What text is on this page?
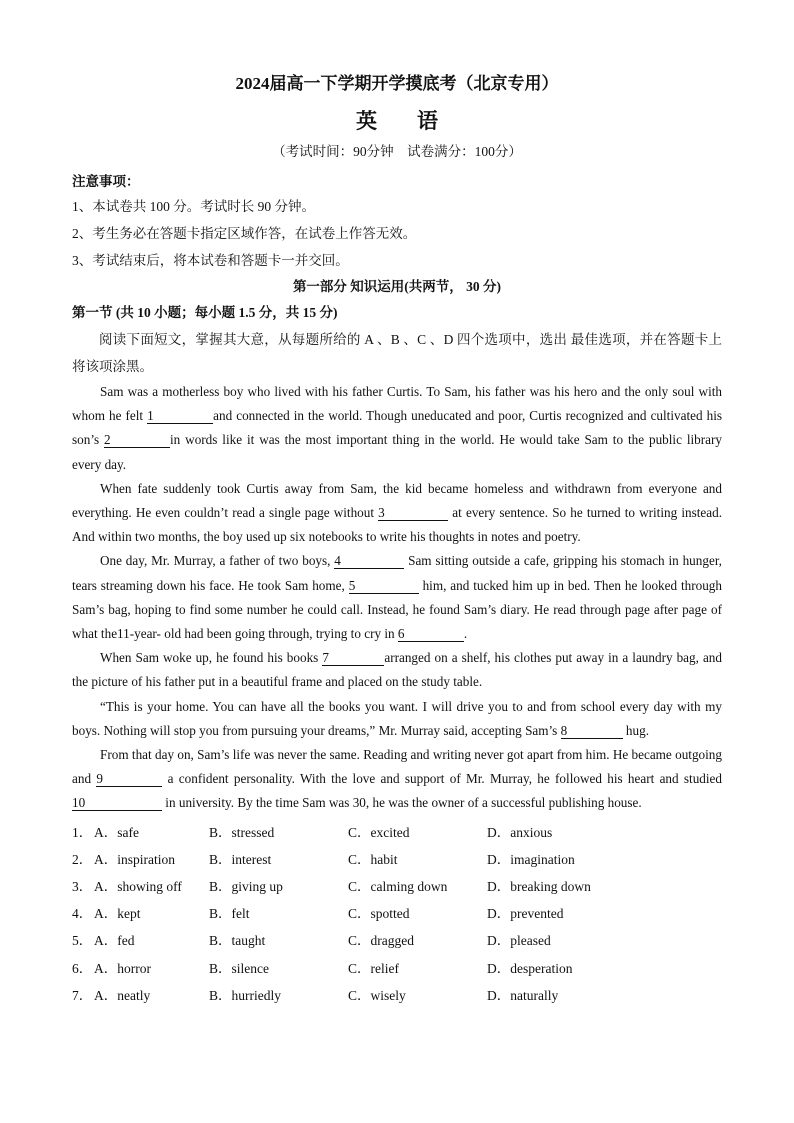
2024届高一下学期开学摸底考（北京专用）
英语
（考试时间：90分钟　试卷满分：100分）
注意事项：
1、本试卷共 100 分。考试时长 90 分钟。
2、考生务必在答题卡指定区域作答，在试卷上作答无效。
3、考试结束后，将本试卷和答题卡一并交回。
第一部分 知识运用(共两节， 30 分)
第一节 (共 10 小题；每小题 1.5 分，共 15 分)

阅读下面短文，掌握其大意，从每题所给的 A 、B 、C 、D 四个选项中，选出 最佳选项，并在答题卡上将该项涂黑。

Sam was a motherless boy who lived with his father Curtis. To Sam, his father was his hero and the only soul with whom he felt 1	and connected in the world. Though uneducated and poor, Curtis recognized and cultivated his son’s 2	in words like it was the most important thing in the world. He would take Sam to the public library every day.

When fate suddenly took Curtis away from Sam, the kid became homeless and withdrawn from everyone and everything. He even couldn’t read a single page without 3	at every sentence. So he turned to writing instead. And within two months, the boy used up six notebooks to write his thoughts in notes and poetry.

One day, Mr. Murray, a father of two boys, 4	Sam sitting outside a cafe, gripping his stomach in hunger, tears streaming down his face. He took Sam home, 5	him, and tucked him up in bed. Then he looked through Sam’s bag, hoping to find some number he could call. Instead, he found Sam’s diary. He read through page after page of what the11-year- old had been going through, trying to cry in 6	.

When Sam woke up, he found his books 7	arranged on a shelf, his clothes put away in a laundry bag, and the picture of his father put in a beautiful frame and placed on the study table.

“This is your home. You can have all the books you want. I will drive you to and from school every day with my boys. Nothing will stop you from pursuing your dreams,” Mr. Murray said, accepting Sam’s 8	hug.

From that day on, Sam’s life was never the same. Reading and writing never got apart from him. He became outgoing and 9	a confident personality. With the love and support of Mr. Murray, he followed his heart and studied 10	in university. By the time Sam was 30, he was the owner of a successful publishing house.

1． A．safe	B．stressed	C．excited	D．anxious
2． A．inspiration	B．interest	C．habit	D．imagination
3． A．showing off	B．giving up	C．calming down	D．breaking down
4． A．kept	B．felt	C．spotted	D．prevented
5． A．fed	B．taught	C．dragged	D．pleased
6． A．horror	B．silence	C．relief	D．desperation
7． A．neatly	B．hurriedly	C．wisely	D．naturally
